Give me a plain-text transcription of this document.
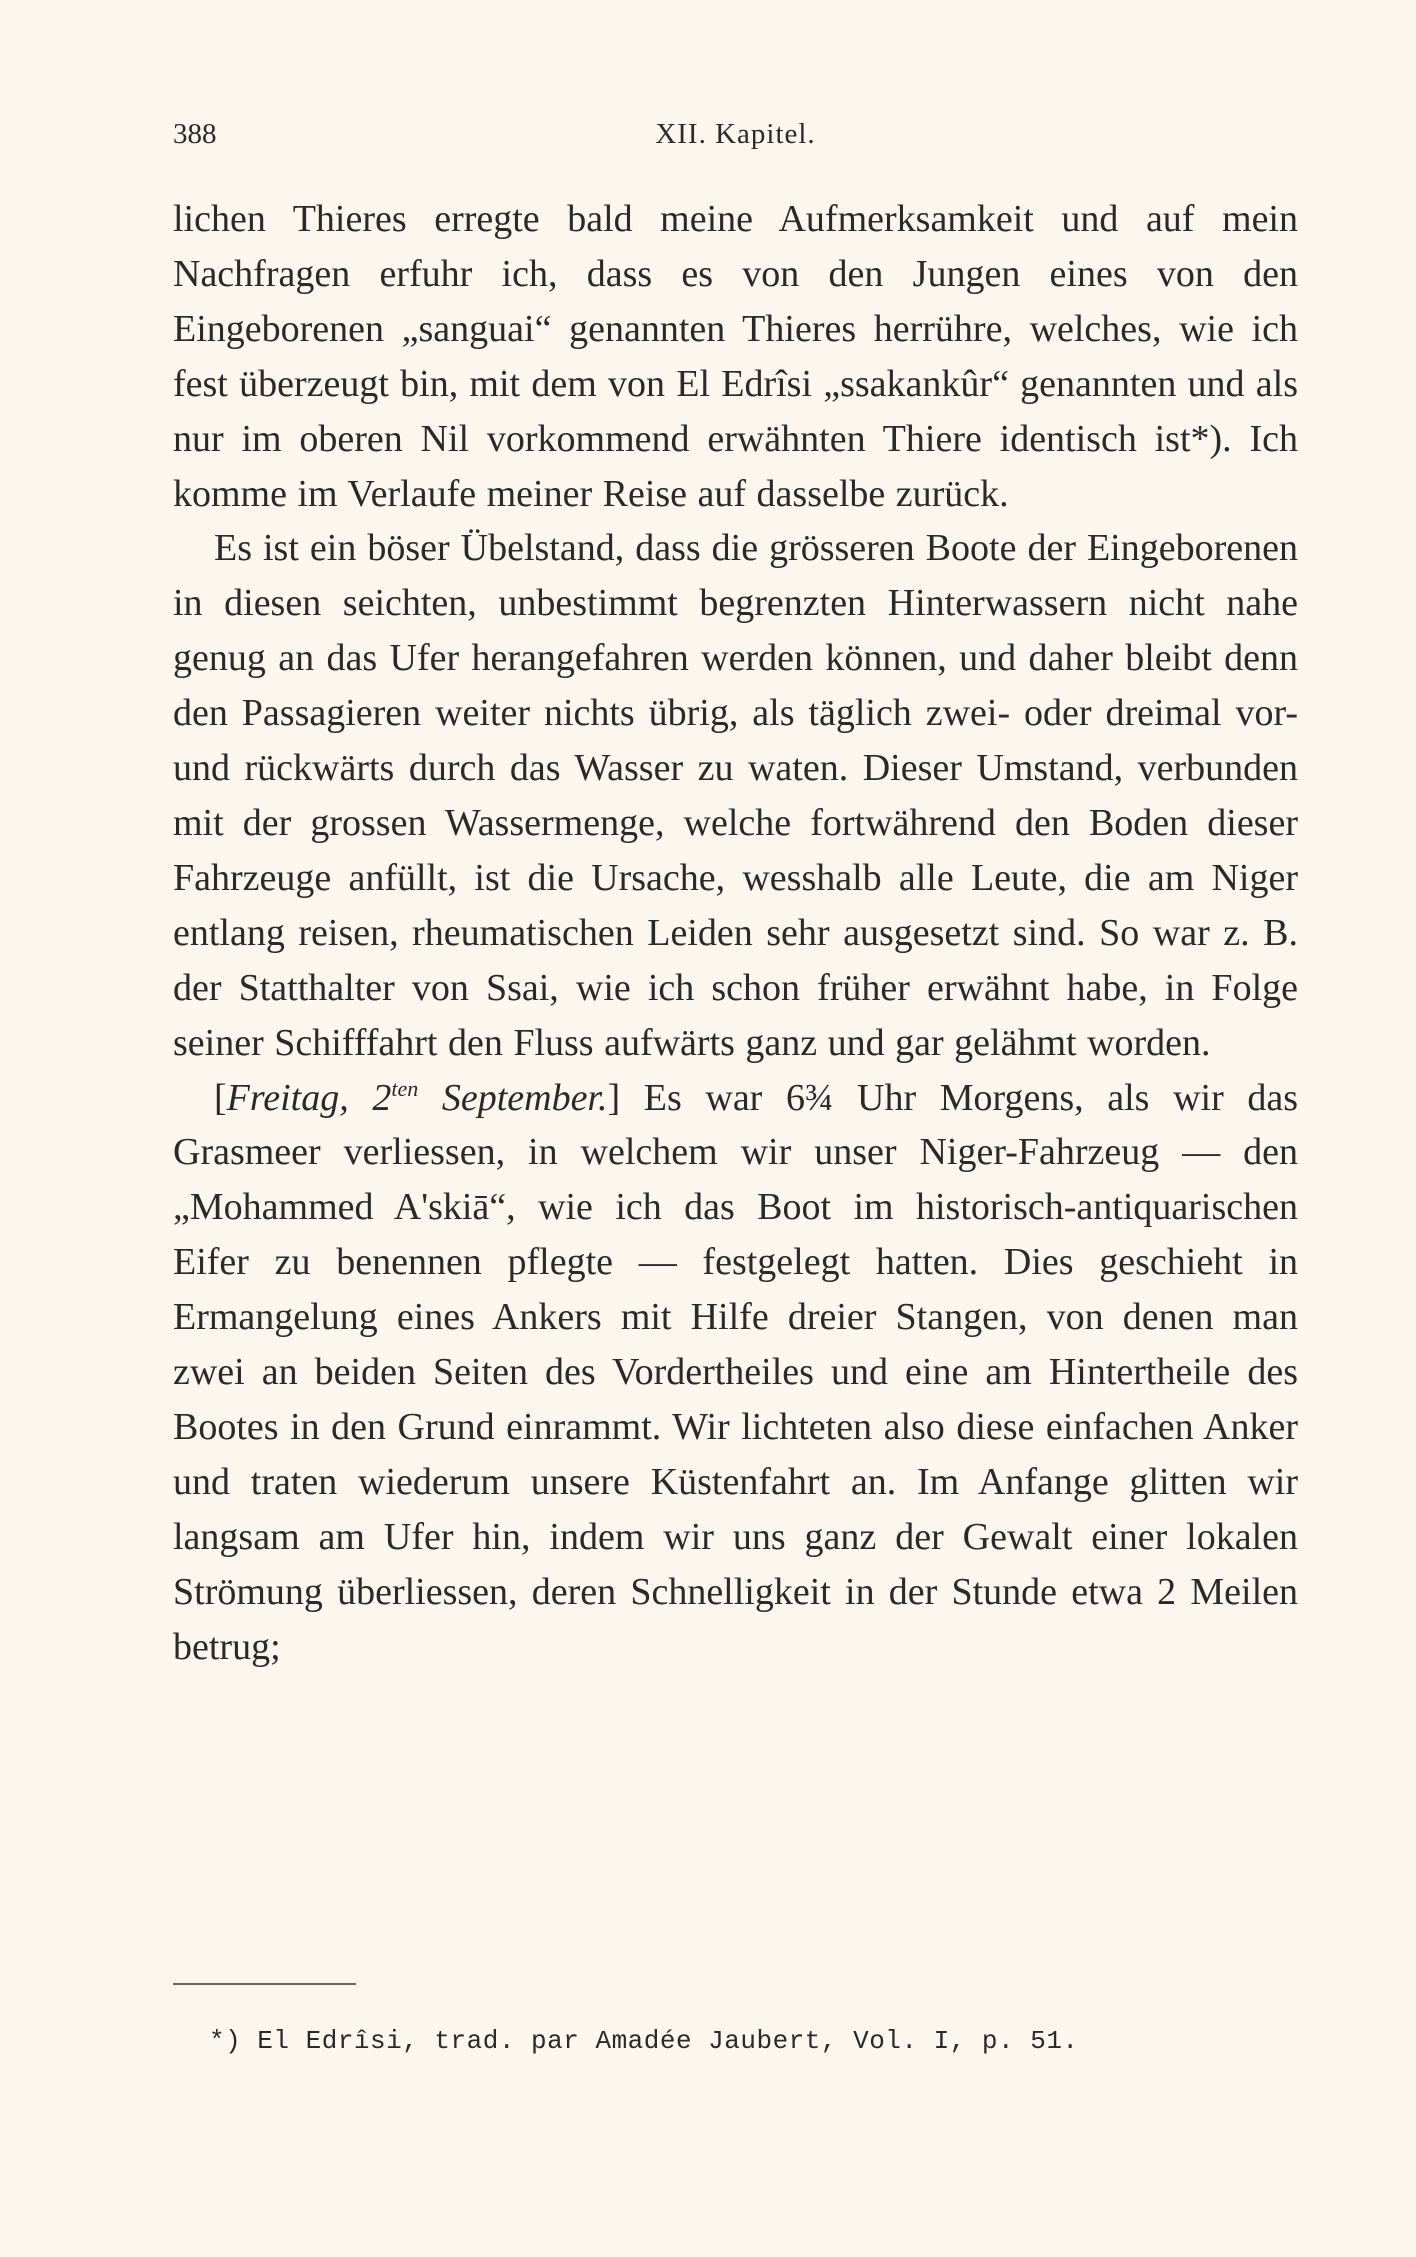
388	XII. Kapitel.

lichen Thieres erregte bald meine Aufmerksamkeit und auf mein Nachfragen erfuhr ich, dass es von den Jungen eines von den Eingeborenen „sanguai“ genannten Thieres herrühre, welches, wie ich fest überzeugt bin, mit dem von El Edrîsi „ssakankûr“ genannten und als nur im oberen Nil vorkommend erwähnten Thiere identisch ist*). Ich komme im Verlaufe meiner Reise auf dasselbe zurück.

Es ist ein böser Übelstand, dass die grösseren Boote der Eingeborenen in diesen seichten, unbestimmt begrenzten Hinterwassern nicht nahe genug an das Ufer herangefahren werden können, und daher bleibt denn den Passagieren weiter nichts übrig, als täglich zwei- oder dreimal vor- und rückwärts durch das Wasser zu waten. Dieser Umstand, verbunden mit der grossen Wassermenge, welche fortwährend den Boden dieser Fahrzeuge anfüllt, ist die Ursache, wesshalb alle Leute, die am Niger entlang reisen, rheumatischen Leiden sehr ausgesetzt sind. So war z. B. der Statthalter von Ssai, wie ich schon früher erwähnt habe, in Folge seiner Schifffahrt den Fluss aufwärts ganz und gar gelähmt worden.

[Freitag, $2^{ten}$ September.] Es war 6¾ Uhr Morgens, als wir das Grasmeer verliessen, in welchem wir unser Niger-Fahrzeug — den „Mohammed A'skiā“, wie ich das Boot im historisch-antiquarischen Eifer zu benennen pflegte — festgelegt hatten. Dies geschieht in Ermangelung eines Ankers mit Hilfe dreier Stangen, von denen man zwei an beiden Seiten des Vordertheiles und eine am Hintertheile des Bootes in den Grund einrammt. Wir lichteten also diese einfachen Anker und traten wiederum unsere Küstenfahrt an. Im Anfange glitten wir langsam am Ufer hin, indem wir uns ganz der Gewalt einer lokalen Strömung überliessen, deren Schnelligkeit in der Stunde etwa 2 Meilen betrug;

*) El Edrîsi, trad. par Amadée Jaubert, Vol. I, p. 51.
